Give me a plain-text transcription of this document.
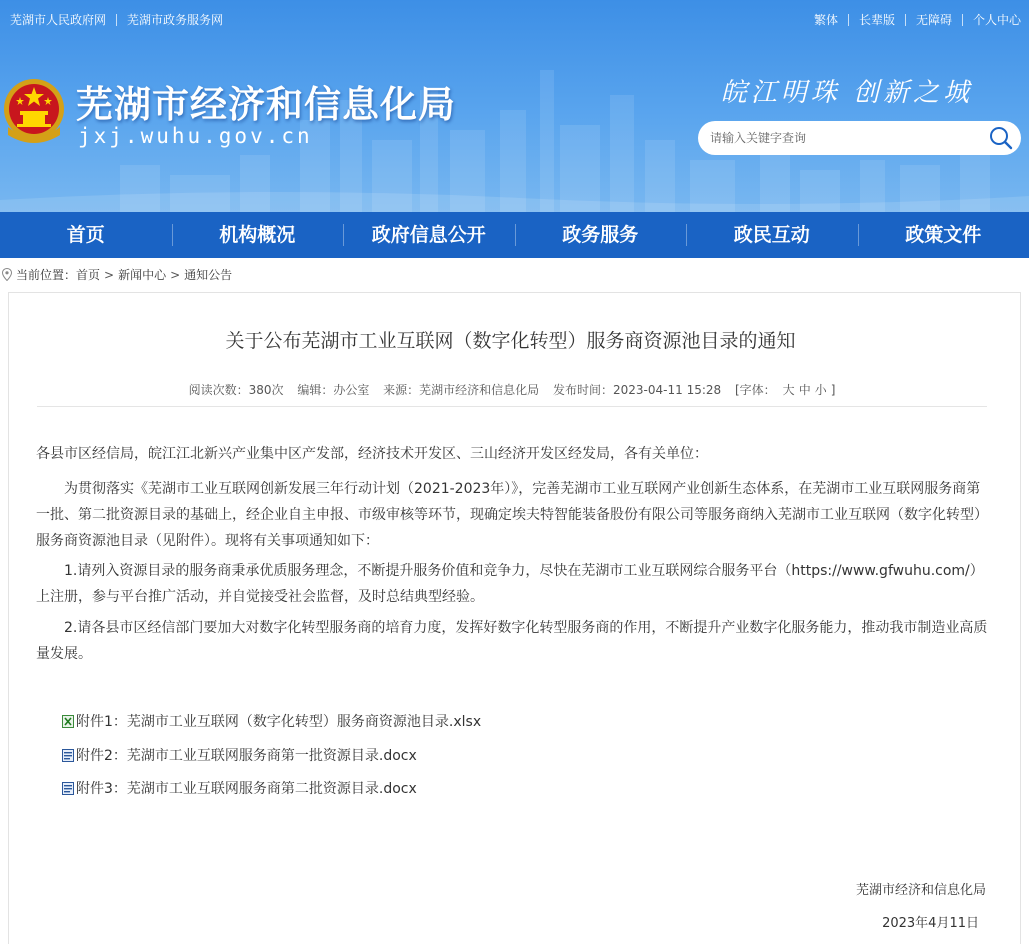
芜湖市人民政府网 芜湖市政务服务网	繁体 长辈版 无障碍 个人中心
芜湖市经济和信息化局
jxj.wuhu.gov.cn
皖江明珠 创新之城
请输入关键字查询
首页	机构概况	政府信息公开	政务服务	政民互动	政策文件
当前位置： 首页 > 新闻中心 > 通知公告
关于公布芜湖市工业互联网（数字化转型）服务商资源池目录的通知
阅读次数：380次 编辑：办公室 来源：芜湖市经济和信息化局 发布时间：2023-04-11 15:28 [字体： 大 中 小 ]
各县市区经信局，皖江江北新兴产业集中区产发部，经济技术开发区、三山经济开发区经发局，各有关单位：
为贯彻落实《芜湖市工业互联网创新发展三年行动计划（2021-2023年）》，完善芜湖市工业互联网产业创新生态体系，在芜湖市工业互联网服务商第一批、第二批资源目录的基础上，经企业自主申报、市级审核等环节，现确定埃夫特智能装备股份有限公司等服务商纳入芜湖市工业互联网（数字化转型）服务商资源池目录（见附件）。现将有关事项通知如下：
1.请列入资源目录的服务商秉承优质服务理念，不断提升服务价值和竞争力，尽快在芜湖市工业互联网综合服务平台（https://www.gfwuhu.com/）上注册，参与平台推广活动，并自觉接受社会监督，及时总结典型经验。
2.请各县市区经信部门要加大对数字化转型服务商的培育力度，发挥好数字化转型服务商的作用，不断提升产业数字化服务能力，推动我市制造业高质量发展。
附件1：芜湖市工业互联网（数字化转型）服务商资源池目录.xlsx
附件2：芜湖市工业互联网服务商第一批资源目录.docx
附件3：芜湖市工业互联网服务商第二批资源目录.docx
芜湖市经济和信息化局
2023年4月11日
